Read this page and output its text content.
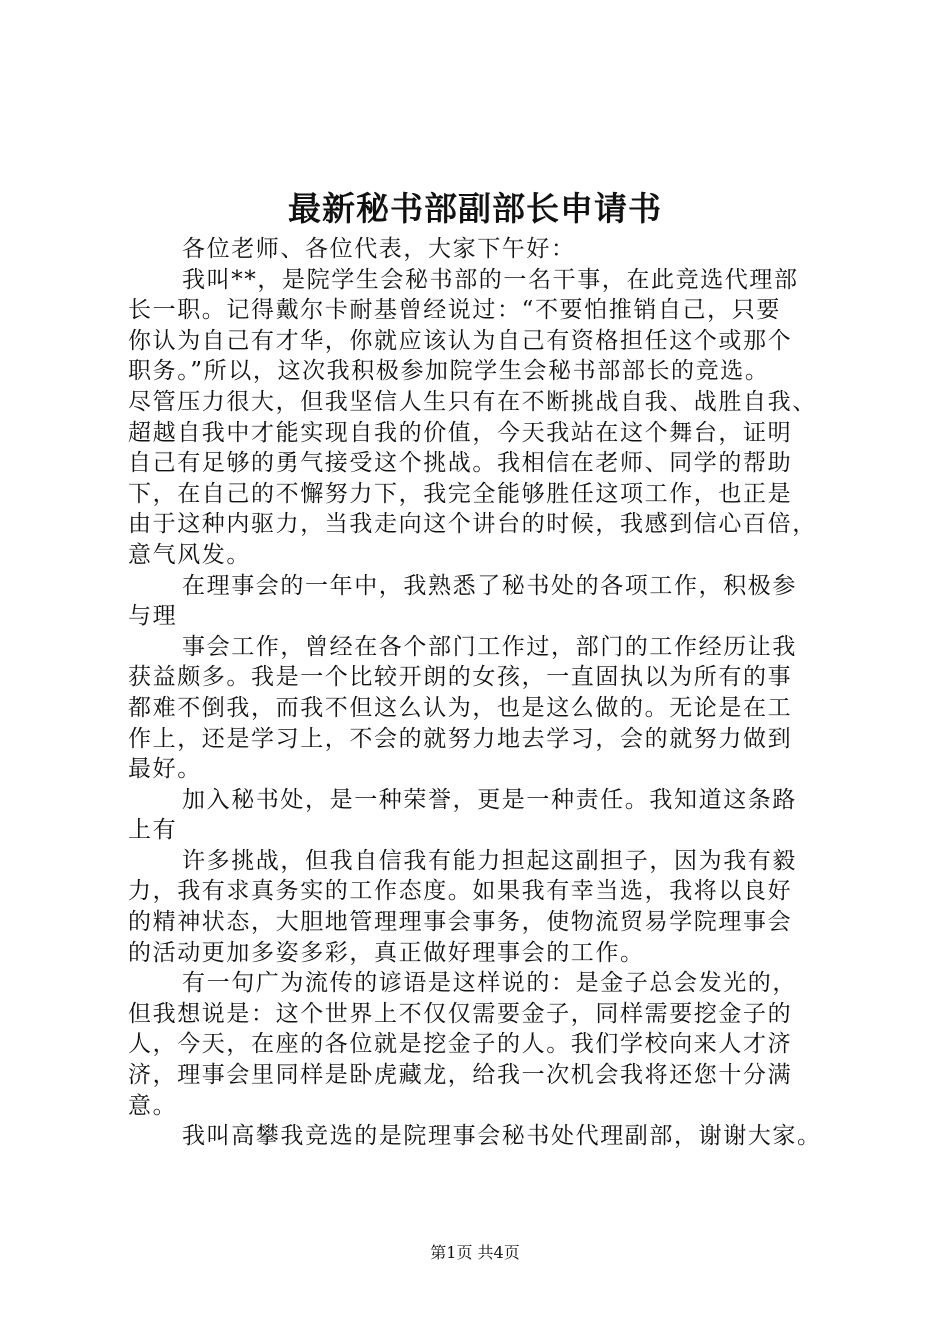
最新秘书部副部长申请书
各位老师、各位代表，大家下午好：
我叫**，是院学生会秘书部的一名干事，在此竞选代理部
长一职。记得戴尔卡耐基曾经说过：“不要怕推销自己，只要
你认为自己有才华，你就应该认为自己有资格担任这个或那个
职务。”所以，这次我积极参加院学生会秘书部部长的竞选。
尽管压力很大，但我坚信人生只有在不断挑战自我、战胜自我、
超越自我中才能实现自我的价值，今天我站在这个舞台，证明
自己有足够的勇气接受这个挑战。我相信在老师、同学的帮助
下，在自己的不懈努力下，我完全能够胜任这项工作，也正是
由于这种内驱力，当我走向这个讲台的时候，我感到信心百倍，
意气风发。
在理事会的一年中，我熟悉了秘书处的各项工作，积极参
与理
事会工作，曾经在各个部门工作过，部门的工作经历让我
获益颇多。我是一个比较开朗的女孩，一直固执以为所有的事
都难不倒我，而我不但这么认为，也是这么做的。无论是在工
作上，还是学习上，不会的就努力地去学习，会的就努力做到
最好。
加入秘书处，是一种荣誉，更是一种责任。我知道这条路
上有
许多挑战，但我自信我有能力担起这副担子，因为我有毅
力，我有求真务实的工作态度。如果我有幸当选，我将以良好
的精神状态，大胆地管理理事会事务，使物流贸易学院理事会
的活动更加多姿多彩，真正做好理事会的工作。
有一句广为流传的谚语是这样说的：是金子总会发光的，
但我想说是：这个世界上不仅仅需要金子，同样需要挖金子的
人，今天，在座的各位就是挖金子的人。我们学校向来人才济
济，理事会里同样是卧虎藏龙，给我一次机会我将还您十分满
意。
我叫高攀我竞选的是院理事会秘书处代理副部，谢谢大家。
第1页 共4页
